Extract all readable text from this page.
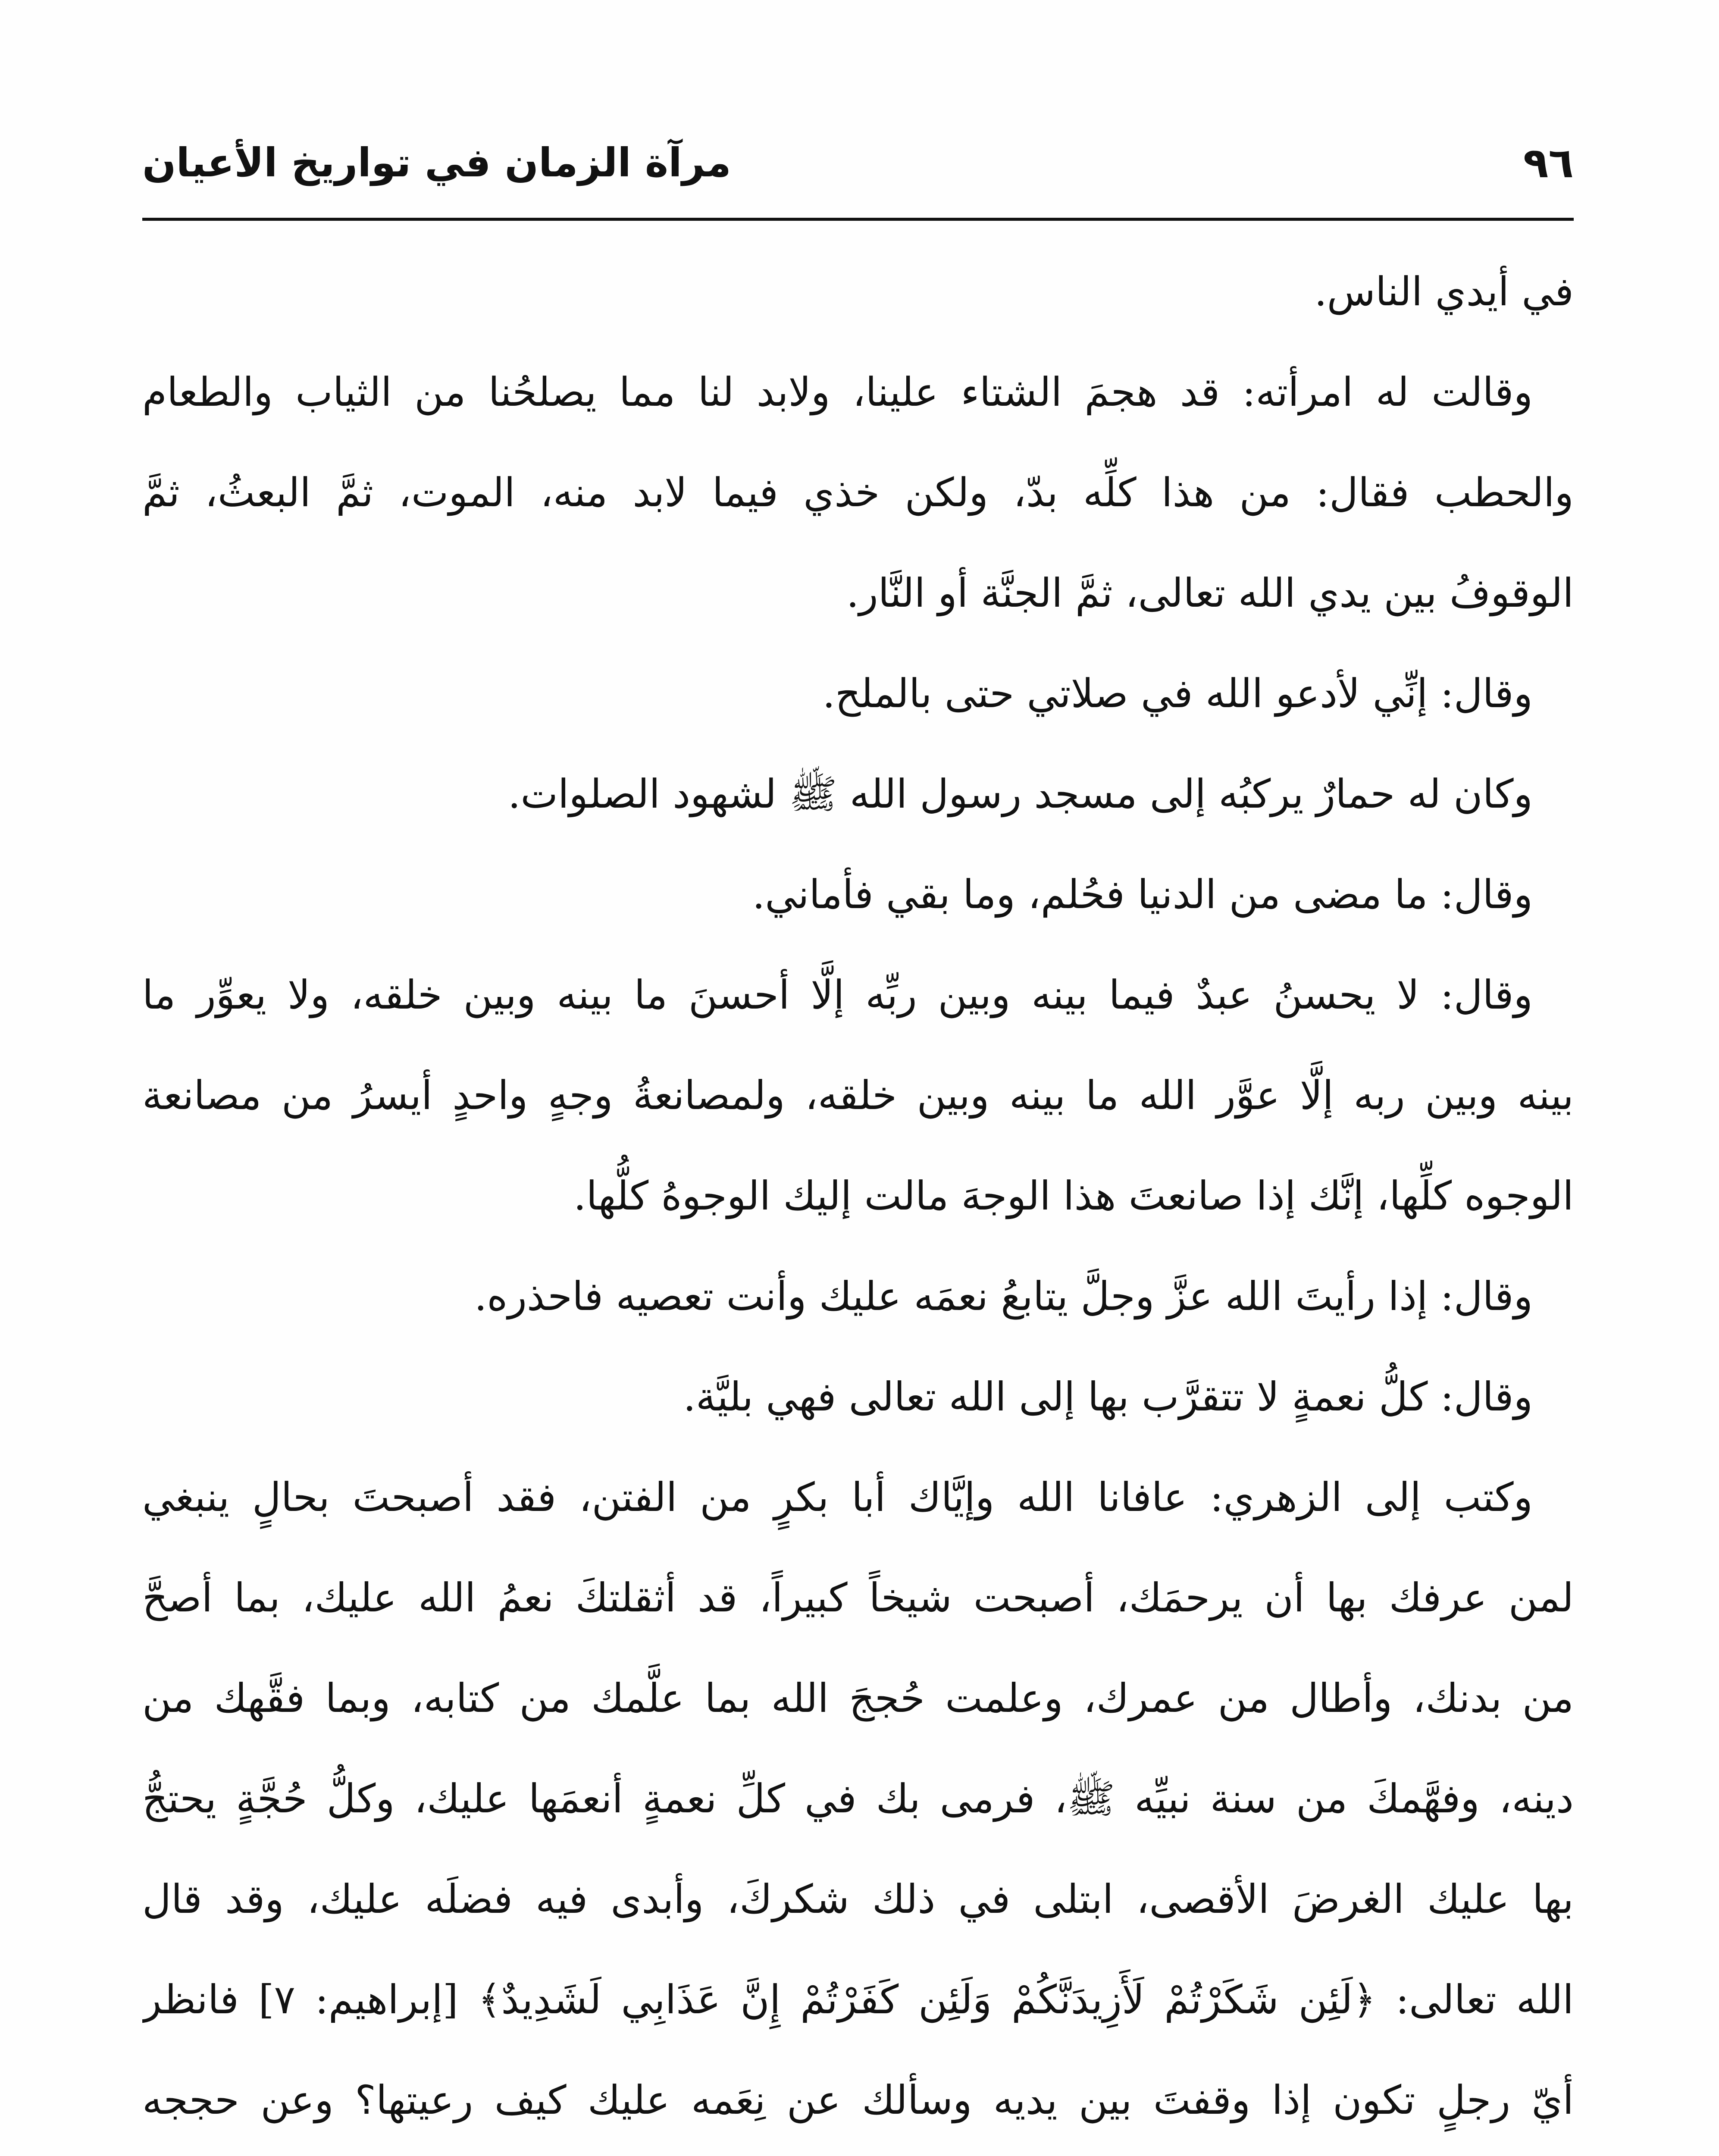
٩٦
مرآة الزمان في تواريخ الأعيان

في أيدي الناس.

وقالت له امرأته: قد هجمَ الشتاء علينا، ولابد لنا مما يصلحُنا من الثياب والطعام
والحطب فقال: من هذا كلِّه بدّ، ولكن خذي فيما لابد منه، الموت، ثمَّ البعثُ، ثمَّ
الوقوفُ بين يدي الله تعالى، ثمَّ الجنَّة أو النَّار.

وقال: إنِّي لأدعو الله في صلاتي حتى بالملح.

وكان له حمارٌ يركبُه إلى مسجد رسول الله ﷺ لشهود الصلوات.

وقال: ما مضى من الدنيا فحُلم، وما بقي فأماني.

وقال: لا يحسنُ عبدٌ فيما بينه وبين ربِّه إلَّا أحسنَ ما بينه وبين خلقه، ولا يعوِّر ما
بينه وبين ربه إلَّا عوَّر الله ما بينه وبين خلقه، ولمصانعةُ وجهٍ واحدٍ أيسرُ من مصانعة
الوجوه كلِّها، إنَّك إذا صانعتَ هذا الوجهَ مالت إليك الوجوهُ كلُّها.

وقال: إذا رأيتَ الله عزَّ وجلَّ يتابعُ نعمَه عليك وأنت تعصيه فاحذره.

وقال: كلُّ نعمةٍ لا تتقرَّب بها إلى الله تعالى فهي بليَّة.

وكتب إلى الزهري: عافانا الله وإيَّاك أبا بكرٍ من الفتن، فقد أصبحتَ بحالٍ ينبغي
لمن عرفك بها أن يرحمَك، أصبحت شيخاً كبيراً، قد أثقلتكَ نعمُ الله عليك، بما أصحَّ
من بدنك، وأطال من عمرك، وعلمت حُججَ الله بما علَّمك من كتابه، وبما فقَّهك من
دينه، وفهَّمكَ من سنة نبيِّه ﷺ، فرمى بك في كلِّ نعمةٍ أنعمَها عليك، وكلُّ حُجَّةٍ يحتجُّ
بها عليك الغرضَ الأقصى، ابتلى في ذلك شكركَ، وأبدى فيه فضلَه عليك، وقد قال
الله تعالى: ﴿لَئِن شَكَرْتُمْ لَأَزِيدَنَّكُمْ وَلَئِن كَفَرْتُمْ إِنَّ عَذَابِي لَشَدِيدٌ﴾ [إبراهيم: ٧] فانظر
أيّ رجلٍ تكون إذا وقفتَ بين يديه وسألك عن نِعَمه عليك كيف رعيتها؟ وعن حججه
